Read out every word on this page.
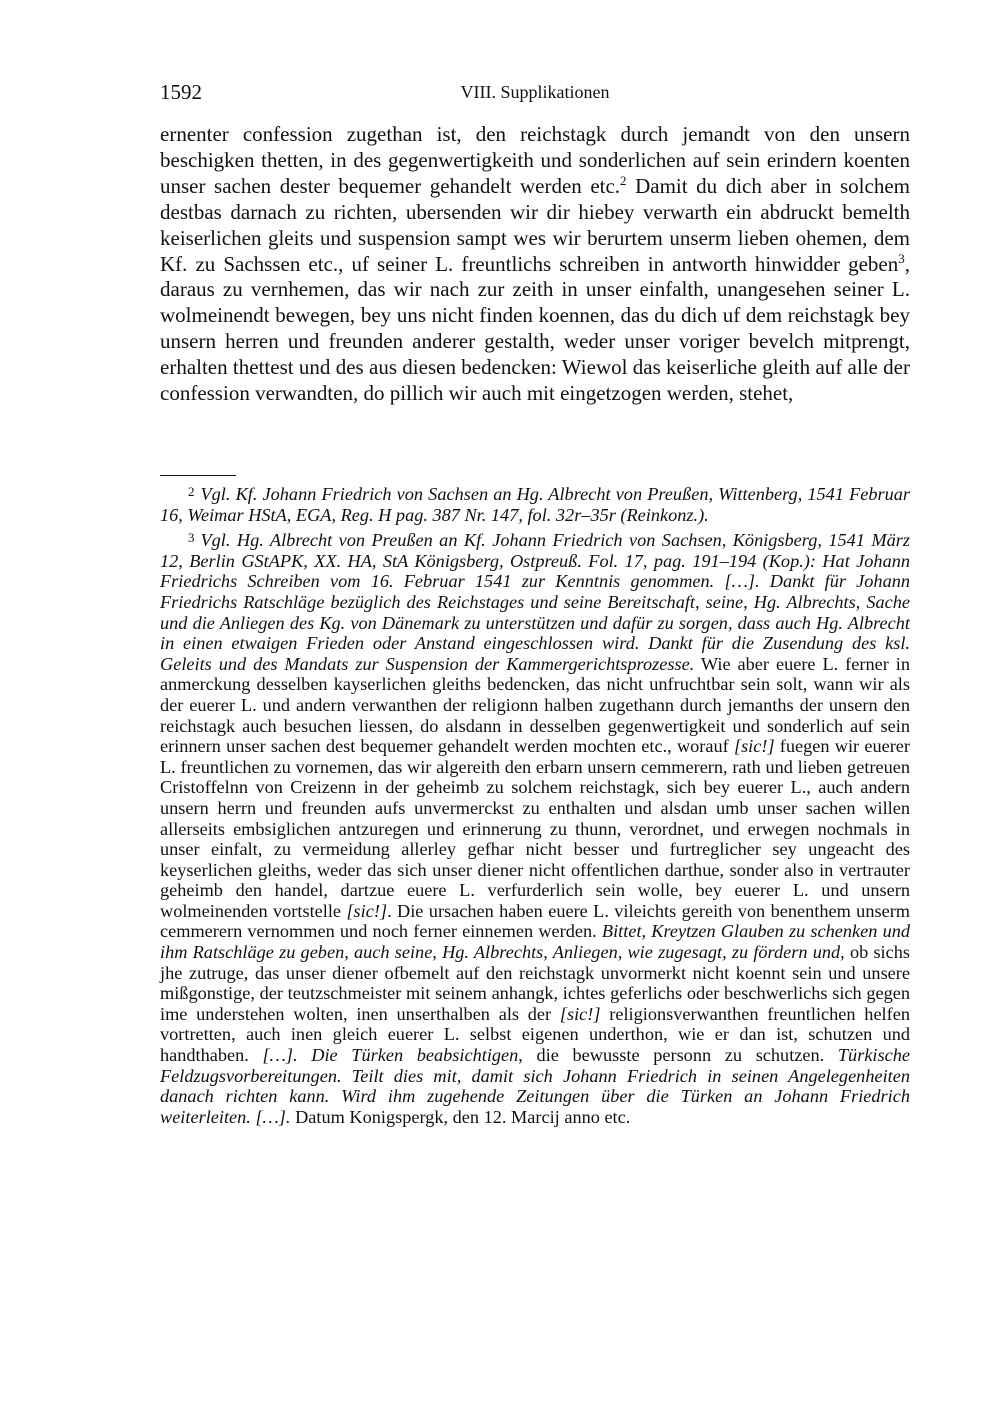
1592	VIII. Supplikationen
ernenter confession zugethan ist, den reichstagk durch jemandt von den unsern beschigken thetten, in des gegenwertigkeith und sonderlichen auf sein erindern koenten unser sachen dester bequemer gehandelt werden etc.$^2$ Damit du dich aber in solchem destbas darnach zu richten, ubersenden wir dir hiebey verwarth ein abdruckt bemelth keiserlichen gleits und suspension sampt wes wir berurtem unserm lieben ohemen, dem Kf. zu Sachssen etc., uf seiner L. freuntlichs schreiben in antworth hinwidder geben$^3$, daraus zu vernhemen, das wir nach zur zeith in unser einfalth, unangesehen seiner L. wolmeinendt bewegen, bey uns nicht finden koennen, das du dich uf dem reichstagk bey unsern herren und freunden anderer gestalth, weder unser voriger bevelch mitprengt, erhalten thettest und des aus diesen bedencken: Wiewol das keiserliche gleith auf alle der confession verwandten, do pillich wir auch mit eingetzogen werden, stehet,

$^2$ Vgl. Kf. Johann Friedrich von Sachsen an Hg. Albrecht von Preußen, Wittenberg, 1541 Februar 16, Weimar HStA, EGA, Reg. H pag. 387 Nr. 147, fol. 32r–35r (Reinkonz.).

$^3$ Vgl. Hg. Albrecht von Preußen an Kf. Johann Friedrich von Sachsen, Königsberg, 1541 März 12, Berlin GStAPK, XX. HA, StA Königsberg, Ostpreuß. Fol. 17, pag. 191–194 (Kop.): Hat Johann Friedrichs Schreiben vom 16. Februar 1541 zur Kenntnis genommen. […]. Dankt für Johann Friedrichs Ratschläge bezüglich des Reichstages und seine Bereitschaft, seine, Hg. Albrechts, Sache und die Anliegen des Kg. von Dänemark zu unterstützen und dafür zu sorgen, dass auch Hg. Albrecht in einen etwaigen Frieden oder Anstand eingeschlossen wird. Dankt für die Zusendung des ksl. Geleits und des Mandats zur Suspension der Kammergerichtsprozesse. Wie aber euere L. ferner in anmerckung desselben kayserlichen gleiths bedencken, das nicht unfruchtbar sein solt, wann wir als der euerer L. und andern verwanthen der religionn halben zugethann durch jemanths der unsern den reichstagk auch besuchen liessen, do alsdann in desselben gegenwertigkeit und sonderlich auf sein erinnern unser sachen dest bequemer gehandelt werden mochten etc., worauf [sic!] fuegen wir euerer L. freuntlichen zu vornemen, das wir algereith den erbarn unsern cemmerern, rath und lieben getreuen Cristoffelnn von Creizenn in der geheimb zu solchem reichstagk, sich bey euerer L., auch andern unsern herrn und freunden aufs unvermerckst zu enthalten und alsdan umb unser sachen willen allerseits embsiglichen antzuregen und erinnerung zu thunn, verordnet, und erwegen nochmals in unser einfalt, zu vermeidung allerley gefhar nicht besser und furtreglicher sey ungeacht des keyserlichen gleiths, weder das sich unser diener nicht offentlichen darthue, sonder also in vertrauter geheimb den handel, dartzue euere L. verfurderlich sein wolle, bey euerer L. und unsern wolmeinenden vortstelle [sic!]. Die ursachen haben euere L. vileichts gereith von benenthem unserm cemmerern vernommen und noch ferner einnemen werden. Bittet, Kreytzen Glauben zu schenken und ihm Ratschläge zu geben, auch seine, Hg. Albrechts, Anliegen, wie zugesagt, zu fördern und, ob sichs jhe zutruge, das unser diener ofbemelt auf den reichstagk unvormerkt nicht koennt sein und unsere mißgonstige, der teutzschmeister mit seinem anhangk, ichtes geferlichs oder beschwerlichs sich gegen ime understehen wolten, inen unserthalben als der [sic!] religionsverwanthen freuntlichen helfen vortretten, auch inen gleich euerer L. selbst eigenen underthon, wie er dan ist, schutzen und handthaben. […]. Die Türken beabsichtigen, die bewusste personn zu schutzen. Türkische Feldzugsvorbereitungen. Teilt dies mit, damit sich Johann Friedrich in seinen Angelegenheiten danach richten kann. Wird ihm zugehende Zeitungen über die Türken an Johann Friedrich weiterleiten. […]. Datum Konigspergk, den 12. Marcij anno etc.
